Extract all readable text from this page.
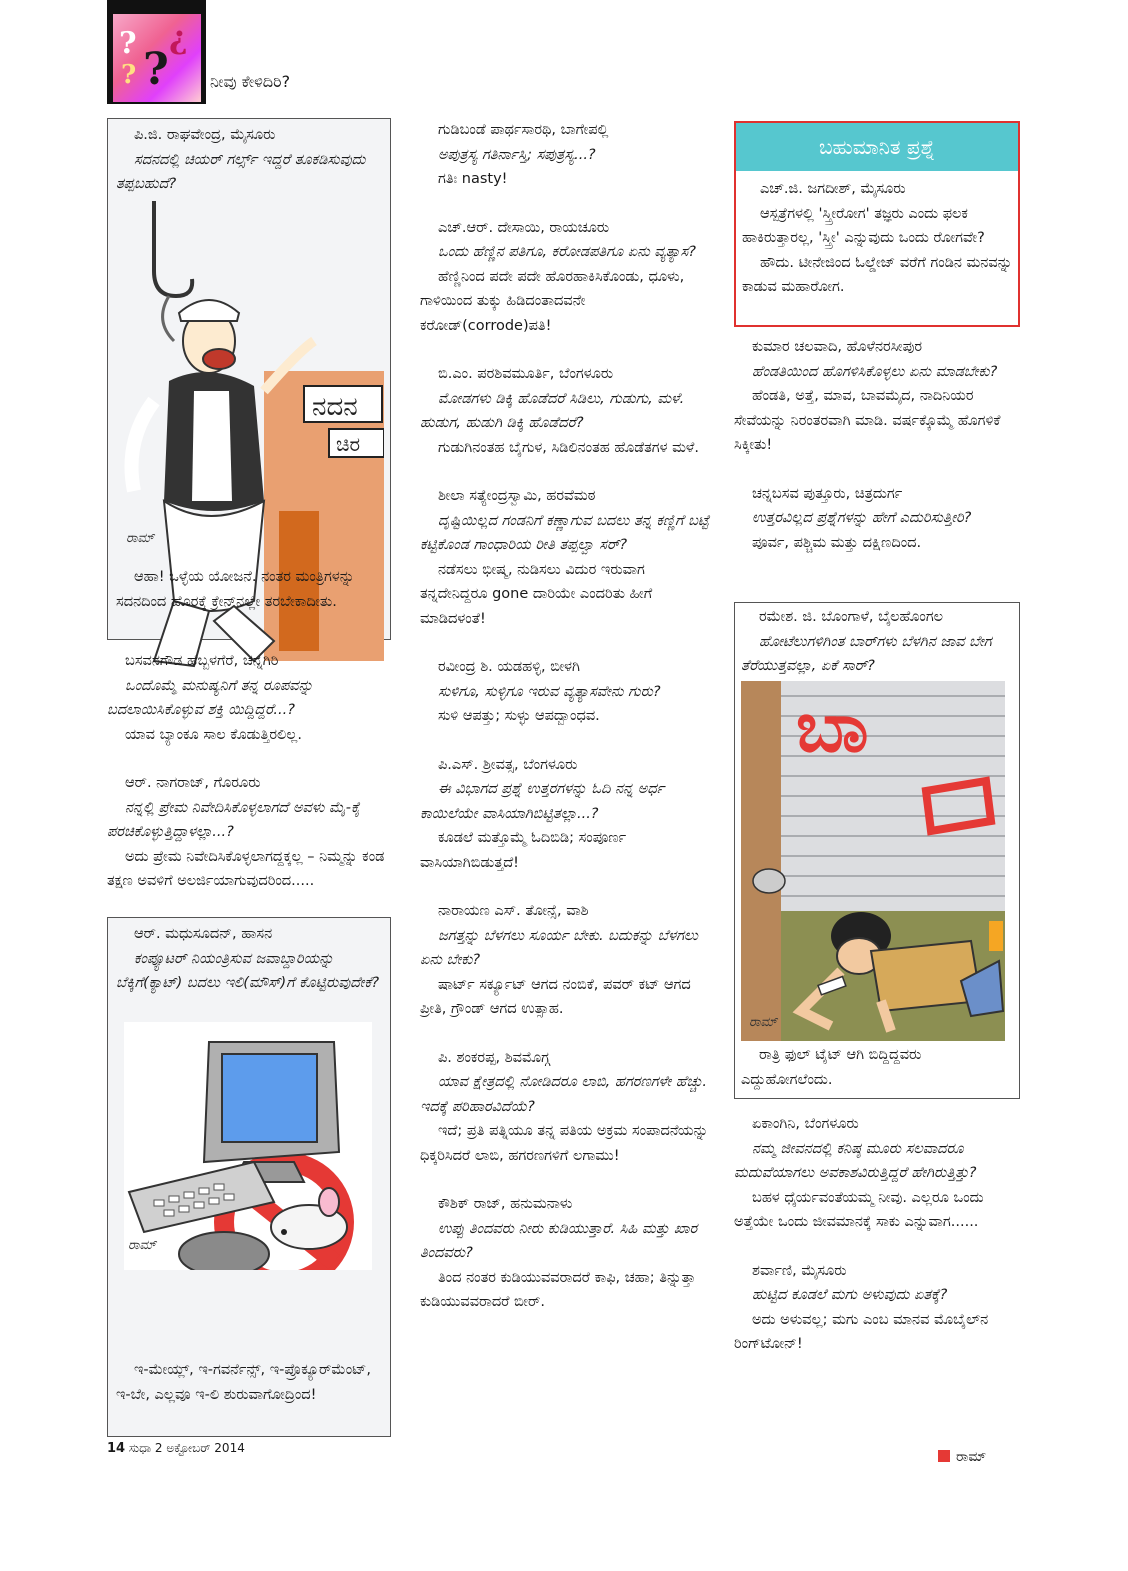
?
?
¿
?	ನೀವು ಕೇಳಿದಿರಿ?
ಪಿ.ಜಿ. ರಾಘವೇಂದ್ರ, ಮೈಸೂರು
ಸದನದಲ್ಲಿ ಚಿಯರ್ ಗರ್ಲ್ಸ್ ಇದ್ದರೆ ತೂಕಡಿಸುವುದು ತಪ್ಪಬಹುದೆ?
ನದನ
ಚಿರ
ರಾಮ್
ಆಹಾ! ಒಳ್ಳೆಯ ಯೋಜನೆ. ನಂತರ ಮಂತ್ರಿಗಳನ್ನು ಸದನದಿಂದ ಹೊರಕ್ಕೆ ಕ್ರೇನ್‌ನಲ್ಲೇ ತರಬೇಕಾದೀತು.
ಬಸವನಗೌಡ ಹೆಬ್ಬಳಗೆರೆ, ಚನ್ನಗಿರಿ
ಒಂದೊಮ್ಮೆ ಮನುಷ್ಯನಿಗೆ ತನ್ನ ರೂಪವನ್ನು ಬದಲಾಯಿಸಿಕೊಳ್ಳುವ ಶಕ್ತಿ ಯಿದ್ದಿದ್ದರೆ...?
ಯಾವ ಬ್ಯಾಂಕೂ ಸಾಲ ಕೊಡುತ್ತಿರಲಿಲ್ಲ.
ಆರ್. ನಾಗರಾಜ್, ಗೊರೂರು
ನನ್ನಲ್ಲಿ ಪ್ರೇಮ ನಿವೇದಿಸಿಕೊಳ್ಳಲಾಗದೆ ಅವಳು ಮೈ-ಕೈ ಪರಚಿಕೊಳ್ಳುತ್ತಿದ್ದಾಳಲ್ಲಾ...?
ಅದು ಪ್ರೇಮ ನಿವೇದಿಸಿಕೊಳ್ಳಲಾಗದ್ದಕ್ಕಲ್ಲ – ನಿಮ್ಮನ್ನು ಕಂಡ ತಕ್ಷಣ ಅವಳಿಗೆ ಅಲರ್ಜಿಯಾಗುವುದರಿಂದ.....
ಆರ್. ಮಧುಸೂದನ್, ಹಾಸನ
ಕಂಪ್ಯೂಟರ್ ನಿಯಂತ್ರಿಸುವ ಜವಾಬ್ದಾರಿಯನ್ನು ಬೆಕ್ಕಿಗೆ(ಕ್ಯಾಟ್) ಬದಲು ಇಲಿ(ಮೌಸ್)ಗೆ ಕೊಟ್ಟಿರುವುದೇಕೆ?
ರಾಮ್
ಇ-ಮೇಯ್ಲ್, ಇ-ಗವರ್ನೆನ್ಸ್, ಇ-ಪ್ರೊಕ್ಯೂರ್‌ಮೆಂಟ್, ಇ-ಬೇ, ಎಲ್ಲವೂ ಇ-ಲಿ ಶುರುವಾಗೋದ್ರಿಂದ!
ಗುಡಿಬಂಡೆ ಪಾರ್ಥಸಾರಥಿ, ಬಾಗೇಪಲ್ಲಿ
ಅಪುತ್ರಸ್ಯ ಗತಿರ್ನಾಸ್ತಿ; ಸಪುತ್ರಸ್ಯ...?
ಗತಿಃ nasty!
ಎಚ್.ಆರ್. ದೇಸಾಯಿ, ರಾಯಚೂರು
ಒಂದು ಹೆಣ್ಣಿನ ಪತಿಗೂ, ಕರೋಡಪತಿಗೂ ಏನು ವ್ಯತ್ಯಾಸ?
ಹೆಣ್ಣಿನಿಂದ ಪದೇ ಪದೇ ಹೊರಹಾಕಿಸಿಕೊಂಡು, ಧೂಳು, ಗಾಳಿಯಿಂದ ತುಕ್ಕು ಹಿಡಿದಂತಾದವನೇ ಕರೋಡ್(corrode)ಪತಿ!
ಬಿ.ಎಂ. ಪರಶಿವಮೂರ್ತಿ, ಬೆಂಗಳೂರು
ಮೋಡಗಳು ಡಿಕ್ಕಿ ಹೊಡೆದರೆ ಸಿಡಿಲು, ಗುಡುಗು, ಮಳೆ. ಹುಡುಗ, ಹುಡುಗಿ ಡಿಕ್ಕಿ ಹೊಡೆದರೆ?
ಗುಡುಗಿನಂತಹ ಬೈಗುಳ, ಸಿಡಿಲಿನಂತಹ ಹೊಡೆತಗಳ ಮಳೆ.
ಶೀಲಾ ಸತ್ಯೇಂದ್ರಸ್ವಾಮಿ, ಹರವೆಮಠ
ದೃಷ್ಟಿಯಿಲ್ಲದ ಗಂಡನಿಗೆ ಕಣ್ಣಾಗುವ ಬದಲು ತನ್ನ ಕಣ್ಣಿಗೆ ಬಟ್ಟೆ ಕಟ್ಟಿಕೊಂಡ ಗಾಂಧಾರಿಯ ರೀತಿ ತಪ್ಪಲ್ವಾ ಸರ್?
ನಡೆಸಲು ಭೀಷ್ಮ, ನುಡಿಸಲು ವಿದುರ ಇರುವಾಗ ತನ್ನದೇನಿದ್ದರೂ gone ದಾರಿಯೇ ಎಂದರಿತು ಹೀಗೆ ಮಾಡಿದಳಂತೆ!
ರವೀಂದ್ರ ಶಿ. ಯಡಹಳ್ಳಿ, ಬೀಳಗಿ
ಸುಳಿಗೂ, ಸುಳ್ಳಿಗೂ ಇರುವ ವ್ಯತ್ಯಾಸವೇನು ಗುರು?
ಸುಳಿ ಆಪತ್ತು; ಸುಳ್ಳು ಆಪದ್ಬಾಂಧವ.
ಪಿ.ಎಸ್. ಶ್ರೀವತ್ಸ, ಬೆಂಗಳೂರು
ಈ ವಿಭಾಗದ ಪ್ರಶ್ನೆ ಉತ್ತರಗಳನ್ನು ಓದಿ ನನ್ನ ಅರ್ಧ ಕಾಯಿಲೆಯೇ ವಾಸಿಯಾಗಿಬಿಟ್ಟಿತಲ್ಲಾ...?
ಕೂಡಲೆ ಮತ್ತೊಮ್ಮೆ ಓದಿಬಿಡಿ; ಸಂಪೂರ್ಣ ವಾಸಿಯಾಗಿಬಿಡುತ್ತದೆ!
ನಾರಾಯಣ ಎಸ್. ತೋನ್ಸೆ, ವಾಶಿ
ಜಗತ್ತನ್ನು ಬೆಳಗಲು ಸೂರ್ಯ ಬೇಕು. ಬದುಕನ್ನು ಬೆಳಗಲು ಏನು ಬೇಕು?
ಷಾರ್ಟ್ ಸರ್ಕ್ಯೂಟ್ ಆಗದ ನಂಬಿಕೆ, ಪವರ್ ಕಟ್ ಆಗದ ಪ್ರೀತಿ, ಗ್ರೌಂಡ್ ಆಗದ ಉತ್ಸಾಹ.
ಪಿ. ಶಂಕರಪ್ಪ, ಶಿವಮೊಗ್ಗ
ಯಾವ ಕ್ಷೇತ್ರದಲ್ಲಿ ನೋಡಿದರೂ ಲಾಬಿ, ಹಗರಣಗಳೇ ಹೆಚ್ಚು. ಇದಕ್ಕೆ ಪರಿಹಾರವಿದೆಯೆ?
ಇದೆ; ಪ್ರತಿ ಪತ್ನಿಯೂ ತನ್ನ ಪತಿಯ ಅಕ್ರಮ ಸಂಪಾದನೆಯನ್ನು ಧಿಕ್ಕರಿಸಿದರೆ ಲಾಬಿ, ಹಗರಣಗಳಿಗೆ ಲಗಾಮು!
ಕೌಶಿಕ್ ರಾಜ್, ಹನುಮನಾಳು
ಉಪ್ಪು ತಿಂದವರು ನೀರು ಕುಡಿಯುತ್ತಾರೆ. ಸಿಹಿ ಮತ್ತು ಖಾರ ತಿಂದವರು?
ತಿಂದ ನಂತರ ಕುಡಿಯುವವರಾದರೆ ಕಾಫಿ, ಚಹಾ; ತಿನ್ನುತ್ತಾ ಕುಡಿಯುವವರಾದರೆ ಬೀರ್.
ಬಹುಮಾನಿತ ಪ್ರಶ್ನೆ
ಎಚ್.ಜಿ. ಜಗದೀಶ್, ಮೈಸೂರು
ಆಸ್ಪತ್ರೆಗಳಲ್ಲಿ 'ಸ್ತ್ರೀರೋಗ' ತಜ್ಞರು ಎಂದು ಫಲಕ ಹಾಕಿರುತ್ತಾರಲ್ಲ, 'ಸ್ತ್ರೀ' ಎನ್ನುವುದು ಒಂದು ರೋಗವೇ?
ಹೌದು. ಟೀನೇಜಿಂದ ಓಲ್ಡೇಜ್ ವರೆಗೆ ಗಂಡಿನ ಮನವನ್ನು ಕಾಡುವ ಮಹಾರೋಗ.
ಕುಮಾರ ಚಲವಾದಿ, ಹೊಳೆನರಸೀಪುರ
ಹೆಂಡತಿಯಿಂದ ಹೊಗಳಿಸಿಕೊಳ್ಳಲು ಏನು ಮಾಡಬೇಕು?
ಹೆಂಡತಿ, ಅತ್ತೆ, ಮಾವ, ಬಾವಮೈದ, ನಾದಿನಿಯರ ಸೇವೆಯನ್ನು ನಿರಂತರವಾಗಿ ಮಾಡಿ. ವರ್ಷಕ್ಕೊಮ್ಮೆ ಹೊಗಳಿಕೆ ಸಿಕ್ಕೀತು!
ಚನ್ನಬಸವ ಪುತ್ತೂರು, ಚಿತ್ರದುರ್ಗ
ಉತ್ತರವಿಲ್ಲದ ಪ್ರಶ್ನೆಗಳನ್ನು ಹೇಗೆ ಎದುರಿಸುತ್ತೀರಿ?
ಪೂರ್ವ, ಪಶ್ಚಿಮ ಮತ್ತು ದಕ್ಷಿಣದಿಂದ.
ರಮೇಶ. ಜಿ. ಬೊಂಗಾಳೆ, ಬೈಲಹೊಂಗಲ
ಹೋಟೆಲುಗಳಿಗಿಂತ ಬಾರ್‌ಗಳು ಬೆಳಗಿನ ಜಾವ ಬೇಗ ತೆರೆಯುತ್ತವಲ್ಲಾ, ಏಕೆ ಸಾರ್?
ಬಾ
ರಾಮ್
ರಾತ್ರಿ ಫುಲ್ ಟೈಟ್ ಆಗಿ ಬಿದ್ದಿದ್ದವರು ಎದ್ದುಹೋಗಲೆಂದು.
ಏಕಾಂಗಿನಿ, ಬೆಂಗಳೂರು
ನಮ್ಮ ಜೀವನದಲ್ಲಿ ಕನಿಷ್ಠ ಮೂರು ಸಲವಾದರೂ ಮದುವೆಯಾಗಲು ಅವಕಾಶವಿರುತ್ತಿದ್ದರೆ ಹೇಗಿರುತ್ತಿತ್ತು?
ಬಹಳ ಧೈರ್ಯವಂತೆಯಮ್ಮ ನೀವು. ಎಲ್ಲರೂ ಒಂದು ಅತ್ತೆಯೇ ಒಂದು ಜೀವಮಾನಕ್ಕೆ ಸಾಕು ಎನ್ನುವಾಗ......
ಶರ್ವಾಣಿ, ಮೈಸೂರು
ಹುಟ್ಟಿದ ಕೂಡಲೆ ಮಗು ಅಳುವುದು ಏತಕ್ಕೆ?
ಅದು ಅಳುವಲ್ಲ; ಮಗು ಎಂಬ ಮಾನವ ಮೊಬೈಲ್‌ನ ರಿಂಗ್‌ಟೋನ್!
14 ಸುಧಾ 2 ಅಕ್ಟೋಬರ್ 2014
ರಾಮ್
